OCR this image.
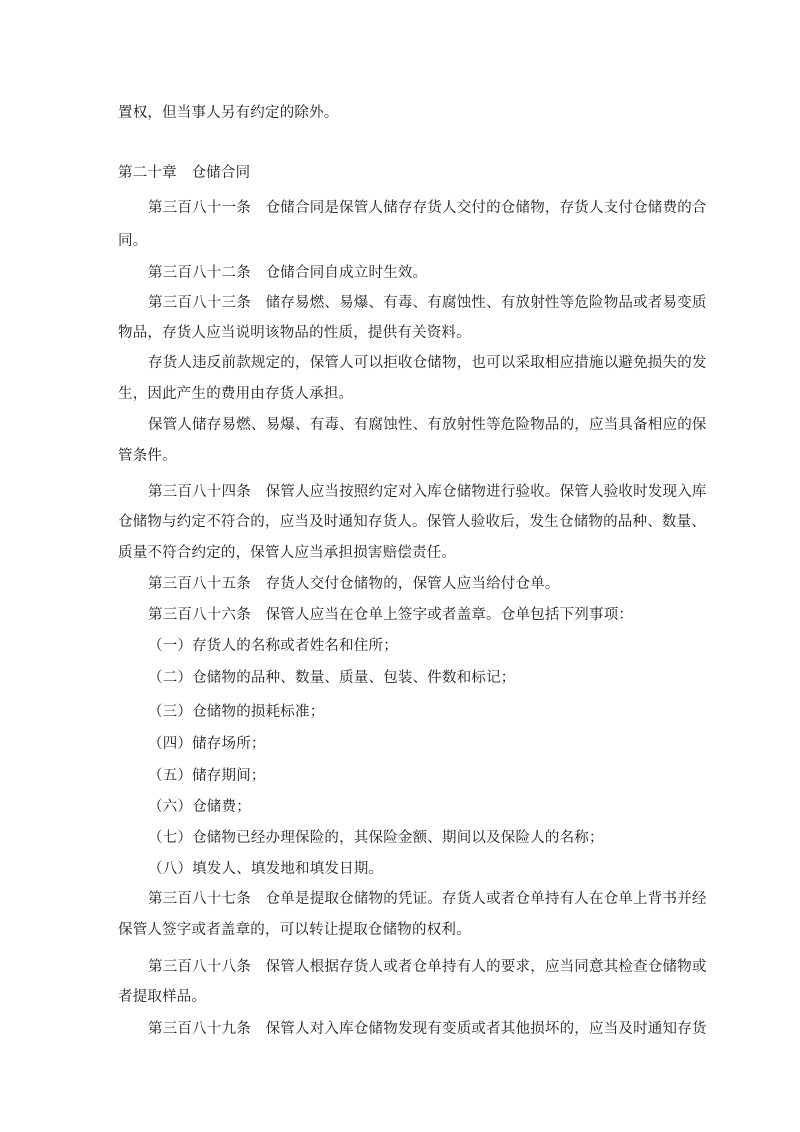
置权，但当事人另有约定的除外。
第二十章　仓储合同
第三百八十一条　仓储合同是保管人储存存货人交付的仓储物，存货人支付仓储费的合
同。
第三百八十二条　仓储合同自成立时生效。
第三百八十三条　储存易燃、易爆、有毒、有腐蚀性、有放射性等危险物品或者易变质
物品，存货人应当说明该物品的性质，提供有关资料。
存货人违反前款规定的，保管人可以拒收仓储物，也可以采取相应措施以避免损失的发
生，因此产生的费用由存货人承担。
保管人储存易燃、易爆、有毒、有腐蚀性、有放射性等危险物品的，应当具备相应的保
管条件。
第三百八十四条　保管人应当按照约定对入库仓储物进行验收。保管人验收时发现入库
仓储物与约定不符合的，应当及时通知存货人。保管人验收后，发生仓储物的品种、数量、
质量不符合约定的，保管人应当承担损害赔偿责任。
第三百八十五条　存货人交付仓储物的，保管人应当给付仓单。
第三百八十六条　保管人应当在仓单上签字或者盖章。仓单包括下列事项：
（一）存货人的名称或者姓名和住所；
（二）仓储物的品种、数量、质量、包装、件数和标记；
（三）仓储物的损耗标准；
（四）储存场所；
（五）储存期间；
（六）仓储费；
（七）仓储物已经办理保险的，其保险金额、期间以及保险人的名称；
（八）填发人、填发地和填发日期。
第三百八十七条　仓单是提取仓储物的凭证。存货人或者仓单持有人在仓单上背书并经
保管人签字或者盖章的，可以转让提取仓储物的权利。
第三百八十八条　保管人根据存货人或者仓单持有人的要求，应当同意其检查仓储物或
者提取样品。
第三百八十九条　保管人对入库仓储物发现有变质或者其他损坏的，应当及时通知存货
